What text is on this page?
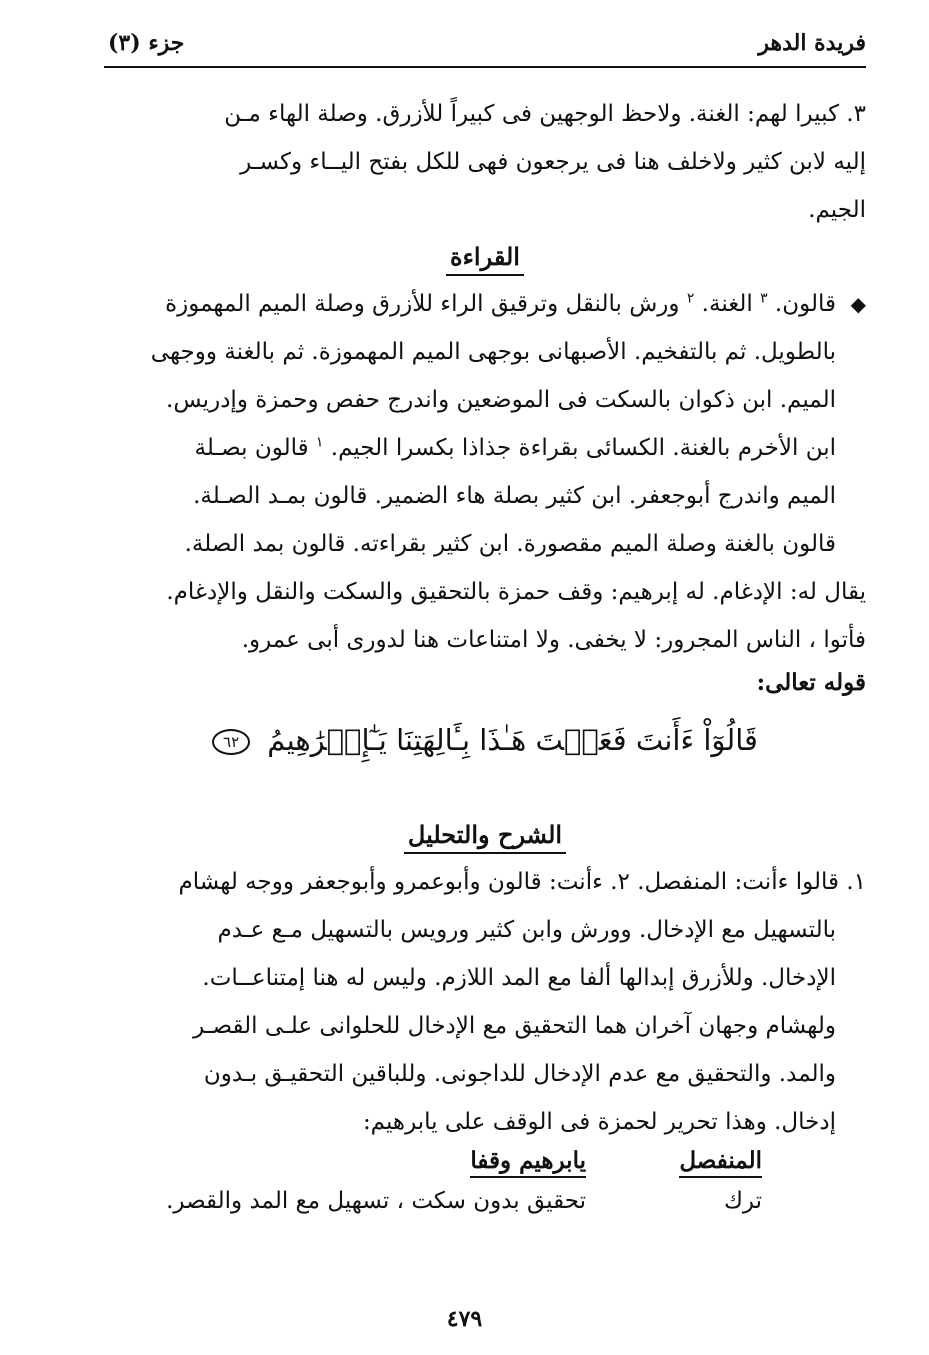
فريدة الدهر
جزء (٣)

٣. كبيرا لهم: الغنة. ولاحظ الوجهين فى كبيراً للأزرق. وصلة الهاء مـن

إليه لابن كثير ولاخلف هنا فى يرجعون فهى للكل بفتح اليــاء وكسـر

الجيم.

القراءة
◆

قالون. $^٣$ الغنة. $^٢$ ورش بالنقل وترقيق الراء للأزرق وصلة الميم المهموزة

بالطويل. ثم بالتفخيم. الأصبهانى بوجهى الميم المهموزة. ثم بالغنة ووجهى

الميم. ابن ذكوان بالسكت فى الموضعين واندرج حفص وحمزة وإدريس.

ابن الأخرم بالغنة. الكسائى بقراءة جذاذا بكسرا الجيم. $^١$ قالون بصـلة

الميم واندرج أبوجعفر. ابن كثير بصلة هاء الضمير. قالون بمـد الصـلة.

قالون بالغنة وصلة الميم مقصورة. ابن كثير بقراءته. قالون بمد الصلة.

يقال له: الإدغام. له إبرهيم: وقف حمزة بالتحقيق والسكت والنقل والإدغام.

فأتوا ، الناس المجرور: لا يخفى. ولا امتناعات هنا لدورى أبى عمرو.

قوله تعالى:
قَالُوٓاْ ءَأَنتَ فَعَلۡتَ هَـٰذَا بِـَٔالِهَتِنَا يَـٰٓإِبۡرَٰهِيمُ ٦٢
الشرح والتحليل

١. قالوا ءأنت: المنفصل. ٢. ءأنت: قالون وأبوعمرو وأبوجعفر ووجه لهشام

بالتسهيل مع الإدخال. وورش وابن كثير ورويس بالتسهيل مـع عـدم

الإدخال. وللأزرق إبدالها ألفا مع المد اللازم. وليس له هنا إمتناعــات.

ولهشام وجهان آخران هما التحقيق مع الإدخال للحلوانى علـى القصـر

والمد. والتحقيق مع عدم الإدخال للداجونى. وللباقين التحقيـق بـدون

إدخال. وهذا تحرير لحمزة فى الوقف على يابرهيم:

المنفصل
يابرهيم وقفا
ترك
تحقيق بدون سكت ، تسهيل مع المد والقصر.
٤٧٩
